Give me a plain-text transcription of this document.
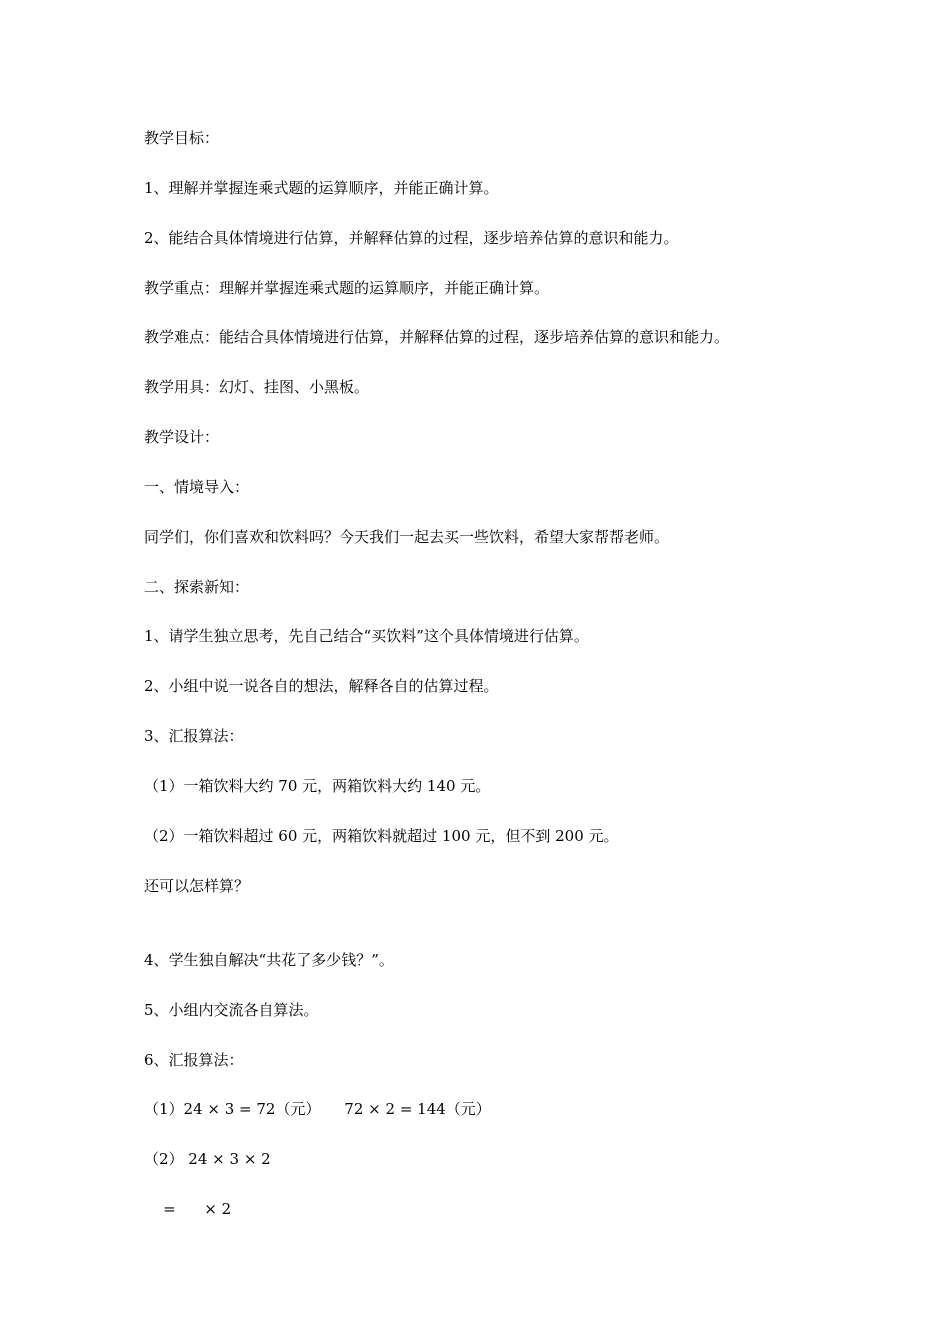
教学目标：
1、理解并掌握连乘式题的运算顺序，并能正确计算。
2、能结合具体情境进行估算，并解释估算的过程，逐步培养估算的意识和能力。
教学重点：理解并掌握连乘式题的运算顺序，并能正确计算。
教学难点：能结合具体情境进行估算，并解释估算的过程，逐步培养估算的意识和能力。
教学用具：幻灯、挂图、小黑板。
教学设计：
一、情境导入：
同学们，你们喜欢和饮料吗？今天我们一起去买一些饮料，希望大家帮帮老师。
二、探索新知：
1、请学生独立思考，先自己结合“买饮料”这个具体情境进行估算。
2、小组中说一说各自的想法，解释各自的估算过程。
3、汇报算法：
（1）一箱饮料大约 70 元，两箱饮料大约 140 元。
（2）一箱饮料超过 60 元，两箱饮料就超过 100 元，但不到 200 元。
还可以怎样算？
4、学生独自解决“共花了多少钱？”。
5、小组内交流各自算法。
6、汇报算法：
（1）24 × 3 = 72（元）     72 × 2 = 144（元）
（2） 24 × 3 × 2
=      × 2
